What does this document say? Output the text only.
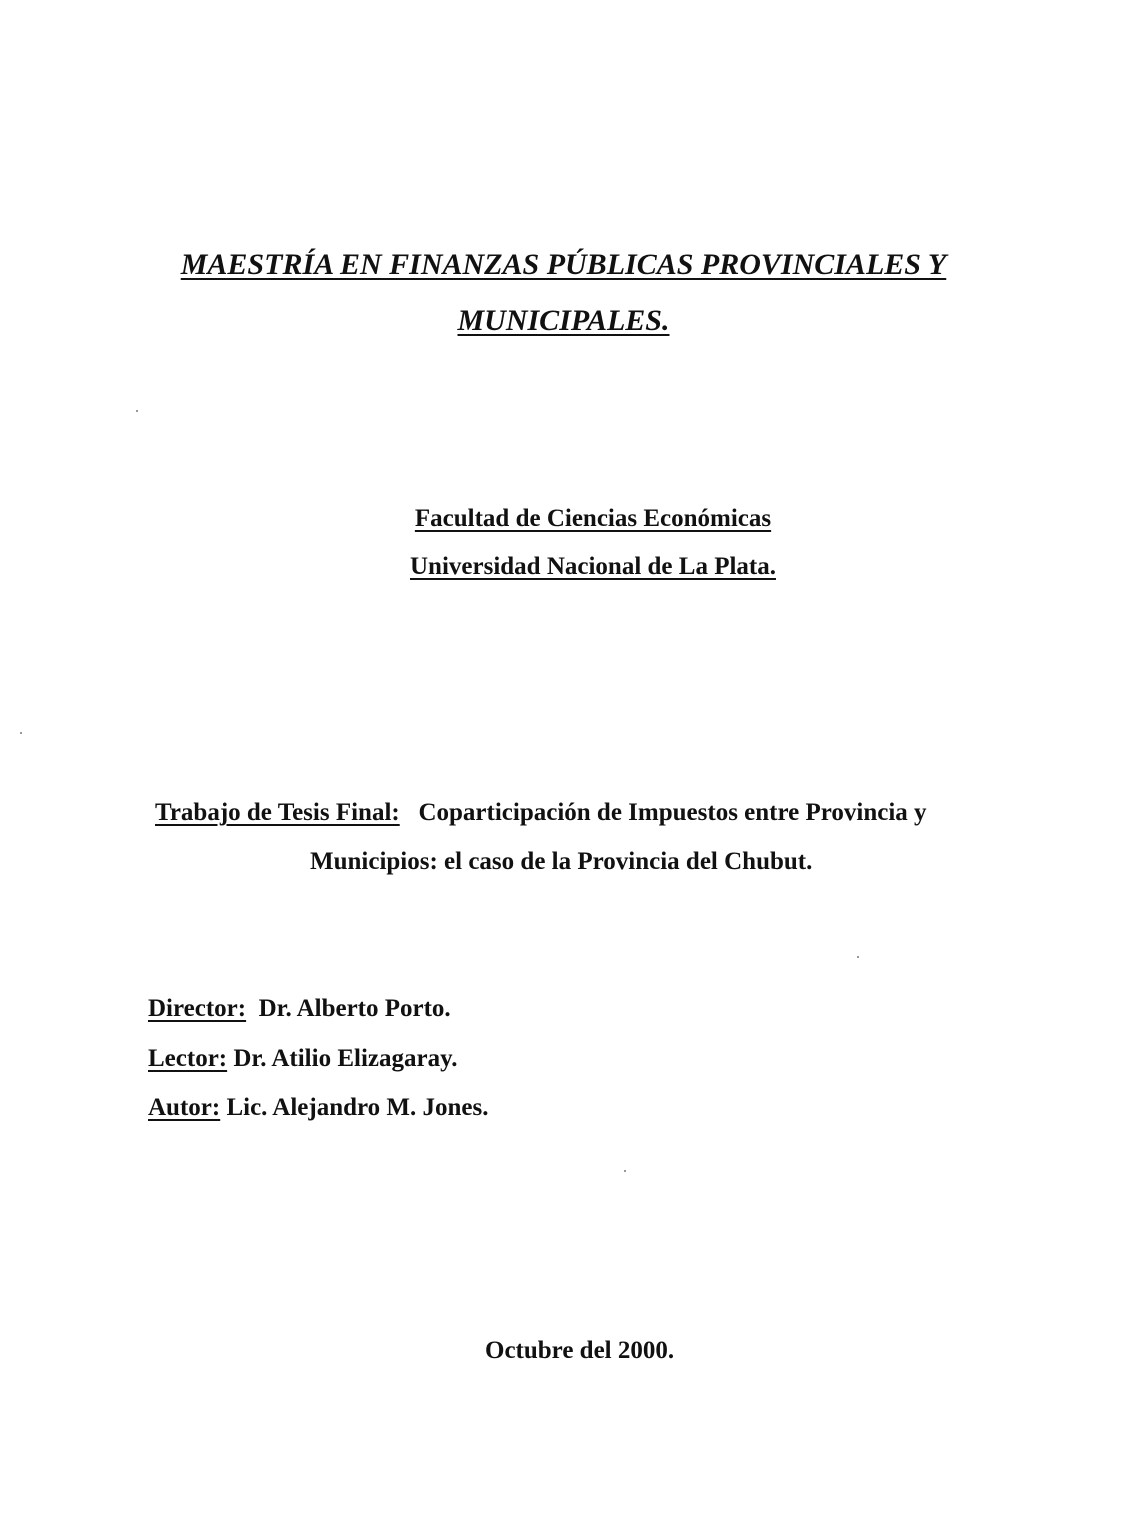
MAESTRÍA EN FINANZAS PÚBLICAS PROVINCIALES Y
MUNICIPALES.
Facultad de Ciencias Económicas
Universidad Nacional de La Plata.
Trabajo de Tesis Final: Coparticipación de Impuestos entre Provincia y
Municipios: el caso de la Provincia del Chubut.
Director: Dr. Alberto Porto.
Lector: Dr. Atilio Elizagaray.
Autor: Lic. Alejandro M. Jones.
Octubre del 2000.
